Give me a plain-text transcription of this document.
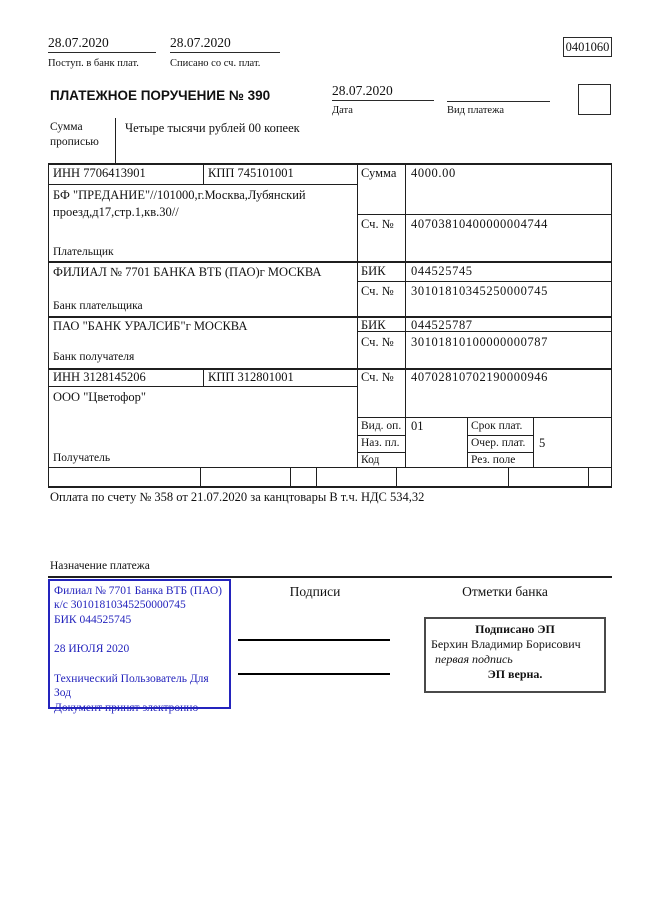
28.07.2020
Поступ. в банк плат.
28.07.2020
Списано со сч. плат.
0401060
ПЛАТЕЖНОЕ ПОРУЧЕНИЕ № 390	28.07.2020
Дата	Вид платежа
Сумма прописью
Четыре тысячи рублей 00 копеек
ИНН 7706413901	КПП 745101001
БФ "ПРЕДАНИЕ"//101000,г.Москва,Лубянский
проезд,д17,стр.1,кв.30//
Плательщик
Сумма 4000.00
Сч. № 40703810400000004744
ФИЛИАЛ № 7701 БАНКА ВТБ (ПАО)г МОСКВА
Банк плательщика
БИК 044525745
Сч. № 30101810345250000745
ПАО "БАНК УРАЛСИБ"г МОСКВА
Банк получателя
БИК 044525787
Сч. № 30101810100000000787
ИНН 3128145206	КПП 312801001	Сч. № 40702810702190000946
ООО "Цветофор"
Получатель
Вид. оп. 01	Срок плат.
Наз. пл.	Очер. плат. 5
Код	Рез. поле
Оплата по счету № 358 от 21.07.2020 за канцтовары В т.ч. НДС 534,32
Назначение платежа
Подписи	Отметки банка
Филиал № 7701 Банка ВТБ (ПАО)
к/с 30101810345250000745
БИК 044525745
28 ИЮЛЯ 2020
Технический Пользователь Для
Зод
Документ принят электронно
Подписано ЭП
Берхин Владимир Борисович
первая подпись
ЭП верна.
